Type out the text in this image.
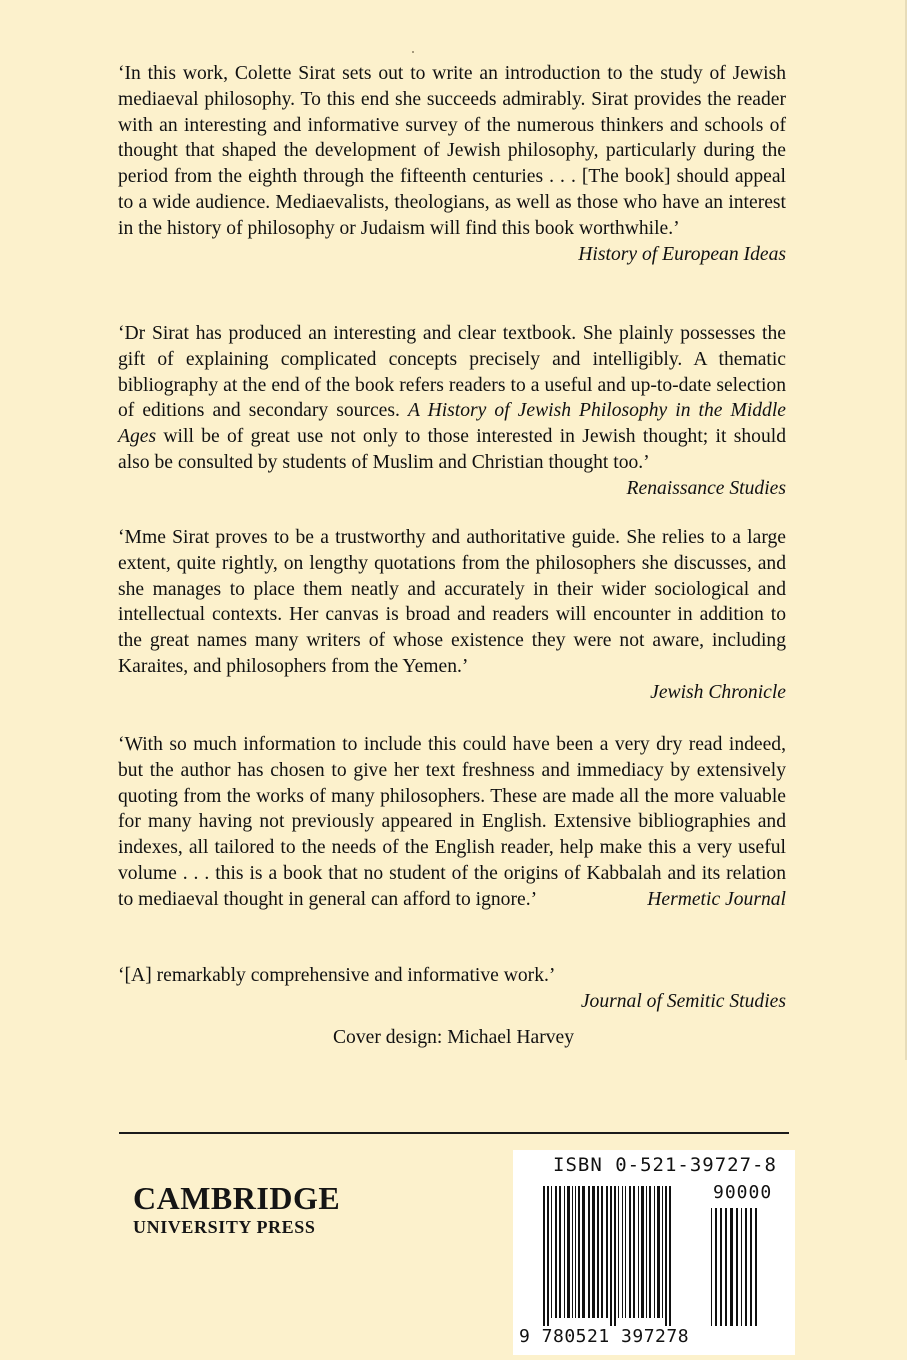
‘In this work, Colette Sirat sets out to write an introduction to the study of Jewish mediaeval philosophy. To this end she succeeds admirably. Sirat provides the reader with an interesting and informative survey of the numerous thinkers and schools of thought that shaped the development of Jewish philosophy, particularly during the period from the eighth through the fifteenth centuries . . . [The book] should appeal to a wide audience. Mediaevalists, theologians, as well as those who have an interest in the history of philosophy or Judaism will find this book worthwhile.’
History of European Ideas
‘Dr Sirat has produced an interesting and clear textbook. She plainly possesses the gift of explaining complicated concepts precisely and intelligibly. A thematic bibliography at the end of the book refers readers to a useful and up-to-date selection of editions and secondary sources. A History of Jewish Philosophy in the Middle Ages will be of great use not only to those interested in Jewish thought; it should also be consulted by students of Muslim and Christian thought too.’
Renaissance Studies
‘Mme Sirat proves to be a trustworthy and authoritative guide. She relies to a large extent, quite rightly, on lengthy quotations from the philosophers she discusses, and she manages to place them neatly and accurately in their wider sociological and intellectual contexts. Her canvas is broad and readers will encounter in addition to the great names many writers of whose existence they were not aware, including Karaites, and philosophers from the Yemen.’
Jewish Chronicle
‘With so much information to include this could have been a very dry read indeed, but the author has chosen to give her text freshness and immediacy by extensively quoting from the works of many philosophers. These are made all the more valuable for many having not previously appeared in English. Extensive bibliographies and indexes, all tailored to the needs of the English reader, help make this a very useful volume . . . this is a book that no student of the origins of Kabbalah and its relation to mediaeval thought in general can afford to ignore.’	Hermetic Journal
‘[A] remarkably comprehensive and informative work.’
Journal of Semitic Studies
Cover design: Michael Harvey
CAMBRIDGE
UNIVERSITY PRESS
ISBN 0-521-39727-8
90000
9 780521 397278
